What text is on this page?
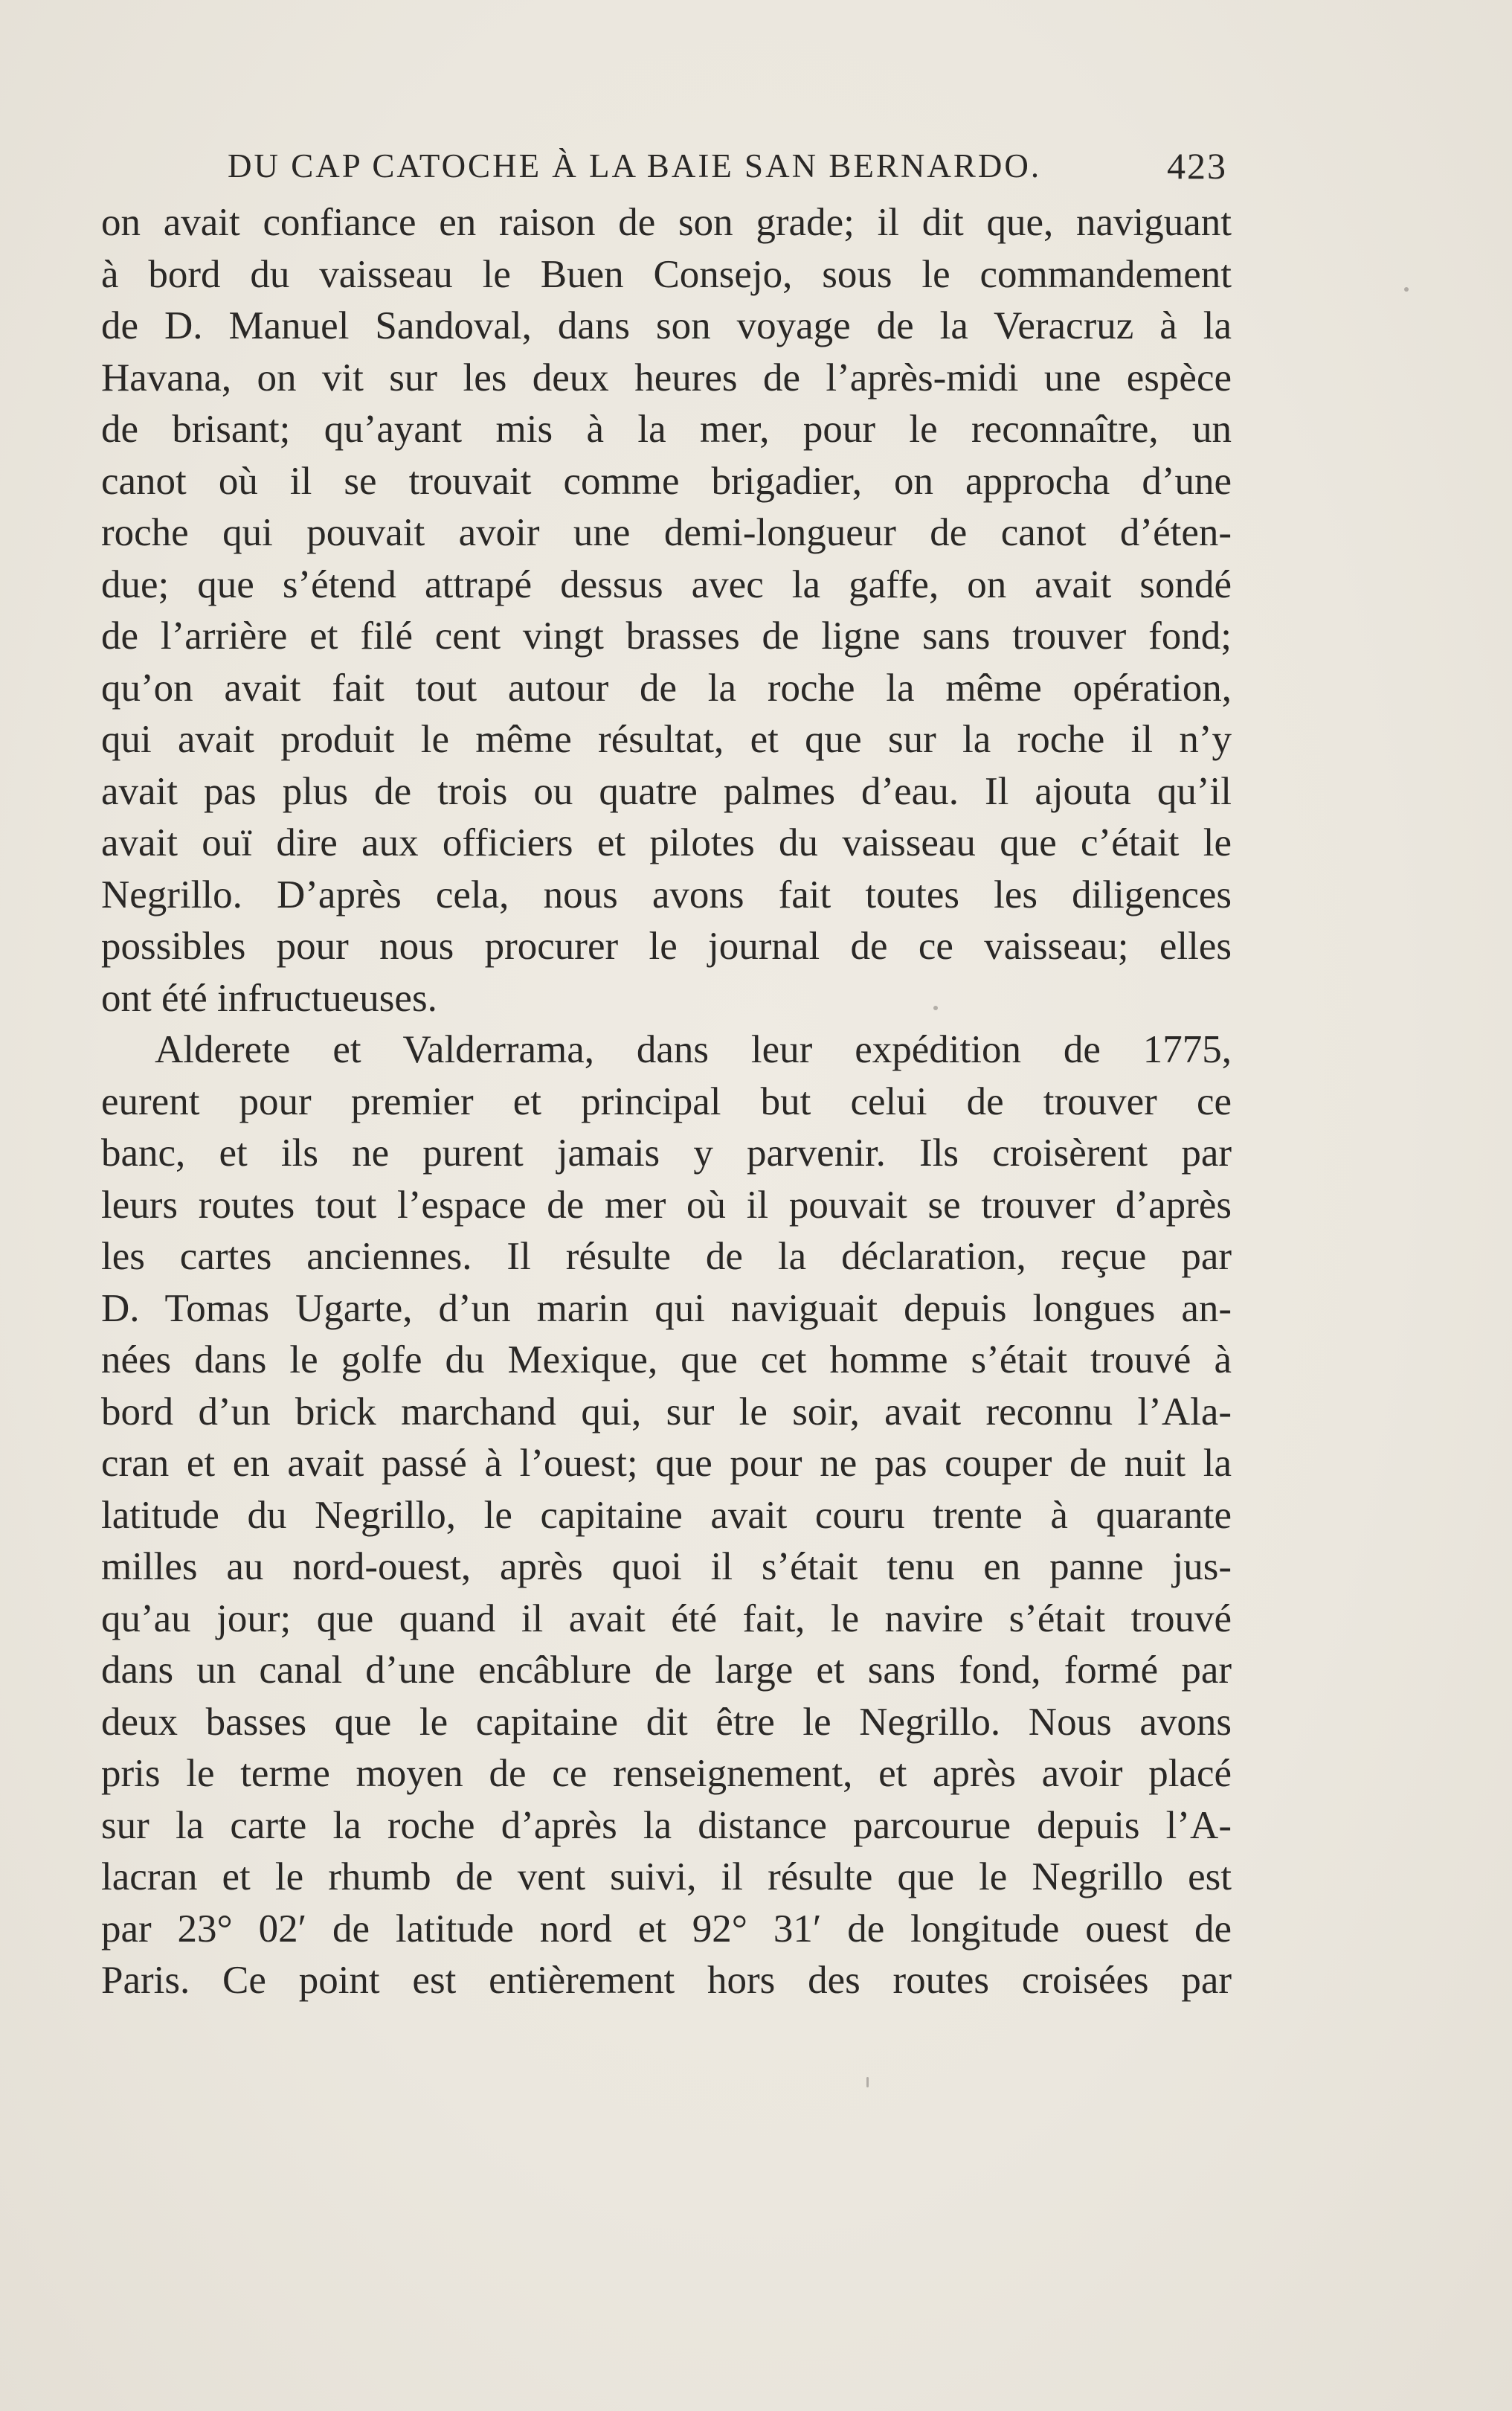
DU CAP CATOCHE À LA BAIE SAN BERNARDO.	423
on avait confiance en raison de son grade; il dit que, naviguant
à bord du vaisseau le Buen Consejo, sous le commandement
de D. Manuel Sandoval, dans son voyage de la Veracruz à la
Havana, on vit sur les deux heures de l’après-midi une espèce
de brisant; qu’ayant mis à la mer, pour le reconnaître, un
canot où il se trouvait comme brigadier, on approcha d’une
roche qui pouvait avoir une demi-longueur de canot d’éten-
due; que s’étend attrapé dessus avec la gaffe, on avait sondé
de l’arrière et filé cent vingt brasses de ligne sans trouver fond;
qu’on avait fait tout autour de la roche la même opération,
qui avait produit le même résultat, et que sur la roche il n’y
avait pas plus de trois ou quatre palmes d’eau. Il ajouta qu’il
avait ouï dire aux officiers et pilotes du vaisseau que c’était le
Negrillo. D’après cela, nous avons fait toutes les diligences
possibles pour nous procurer le journal de ce vaisseau; elles
ont été infructueuses.
Alderete et Valderrama, dans leur expédition de 1775,
eurent pour premier et principal but celui de trouver ce
banc, et ils ne purent jamais y parvenir. Ils croisèrent par
leurs routes tout l’espace de mer où il pouvait se trouver d’après
les cartes anciennes. Il résulte de la déclaration, reçue par
D. Tomas Ugarte, d’un marin qui naviguait depuis longues an-
nées dans le golfe du Mexique, que cet homme s’était trouvé à
bord d’un brick marchand qui, sur le soir, avait reconnu l’Ala-
cran et en avait passé à l’ouest; que pour ne pas couper de nuit la
latitude du Negrillo, le capitaine avait couru trente à quarante
milles au nord-ouest, après quoi il s’était tenu en panne jus-
qu’au jour; que quand il avait été fait, le navire s’était trouvé
dans un canal d’une encâblure de large et sans fond, formé par
deux basses que le capitaine dit être le Negrillo. Nous avons
pris le terme moyen de ce renseignement, et après avoir placé
sur la carte la roche d’après la distance parcourue depuis l’A-
lacran et le rhumb de vent suivi, il résulte que le Negrillo est
par 23° 02′ de latitude nord et 92° 31′ de longitude ouest de
Paris. Ce point est entièrement hors des routes croisées par
